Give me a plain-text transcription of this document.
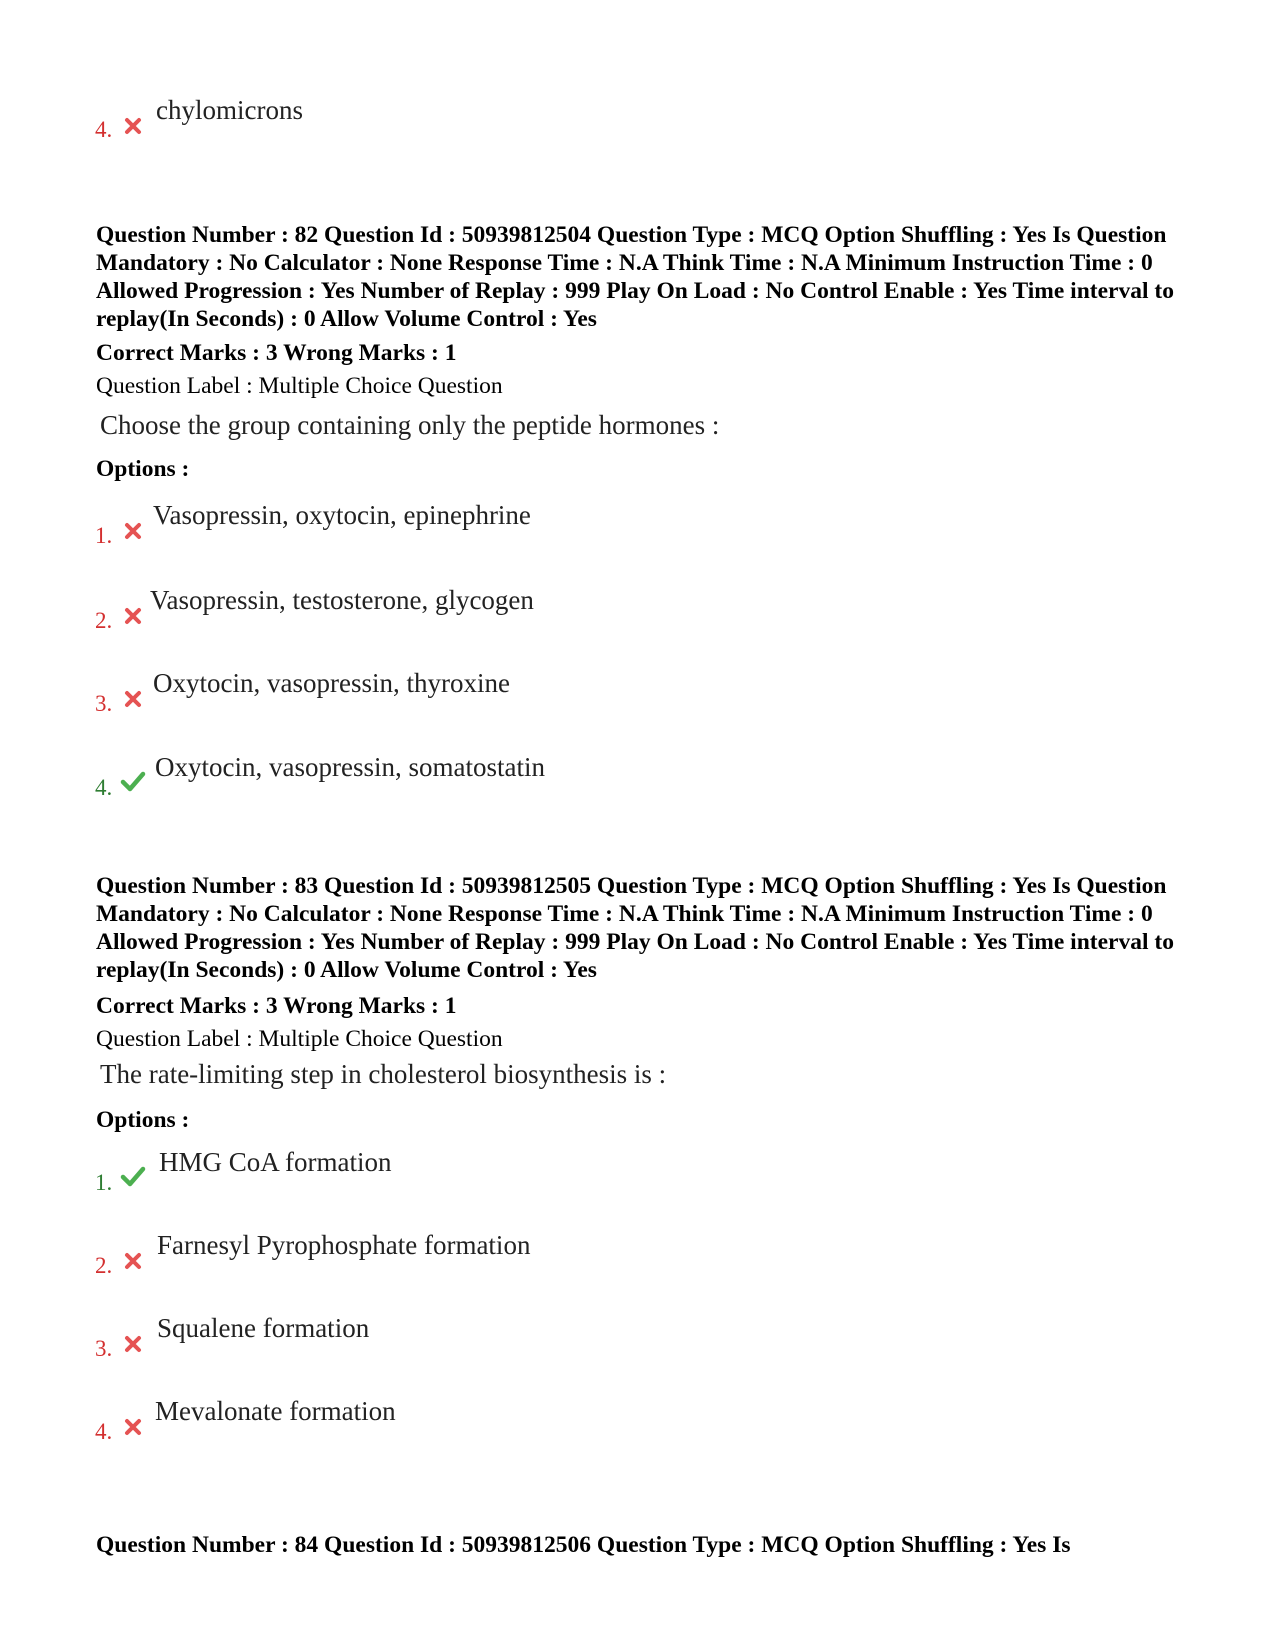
4.
chylomicrons

Question Number : 82 Question Id : 50939812504 Question Type : MCQ Option Shuffling : Yes Is Question Mandatory : No Calculator : None Response Time : N.A Think Time : N.A Minimum Instruction Time : 0 Allowed Progression : Yes Number of Replay : 999 Play On Load : No Control Enable : Yes Time interval to replay(In Seconds) : 0 Allow Volume Control : Yes

Correct Marks : 3 Wrong Marks : 1
Question Label : Multiple Choice Question
Choose the group containing only the peptide hormones :
Options :
1.
Vasopressin, oxytocin, epinephrine
2.
Vasopressin, testosterone, glycogen
3.
Oxytocin, vasopressin, thyroxine
4.
Oxytocin, vasopressin, somatostatin

Question Number : 83 Question Id : 50939812505 Question Type : MCQ Option Shuffling : Yes Is Question Mandatory : No Calculator : None Response Time : N.A Think Time : N.A Minimum Instruction Time : 0 Allowed Progression : Yes Number of Replay : 999 Play On Load : No Control Enable : Yes Time interval to replay(In Seconds) : 0 Allow Volume Control : Yes

Correct Marks : 3 Wrong Marks : 1
Question Label : Multiple Choice Question
The rate-limiting step in cholesterol biosynthesis is :
Options :
1.
HMG CoA formation
2.
Farnesyl Pyrophosphate formation
3.
Squalene formation
4.
Mevalonate formation

Question Number : 84 Question Id : 50939812506 Question Type : MCQ Option Shuffling : Yes Is
